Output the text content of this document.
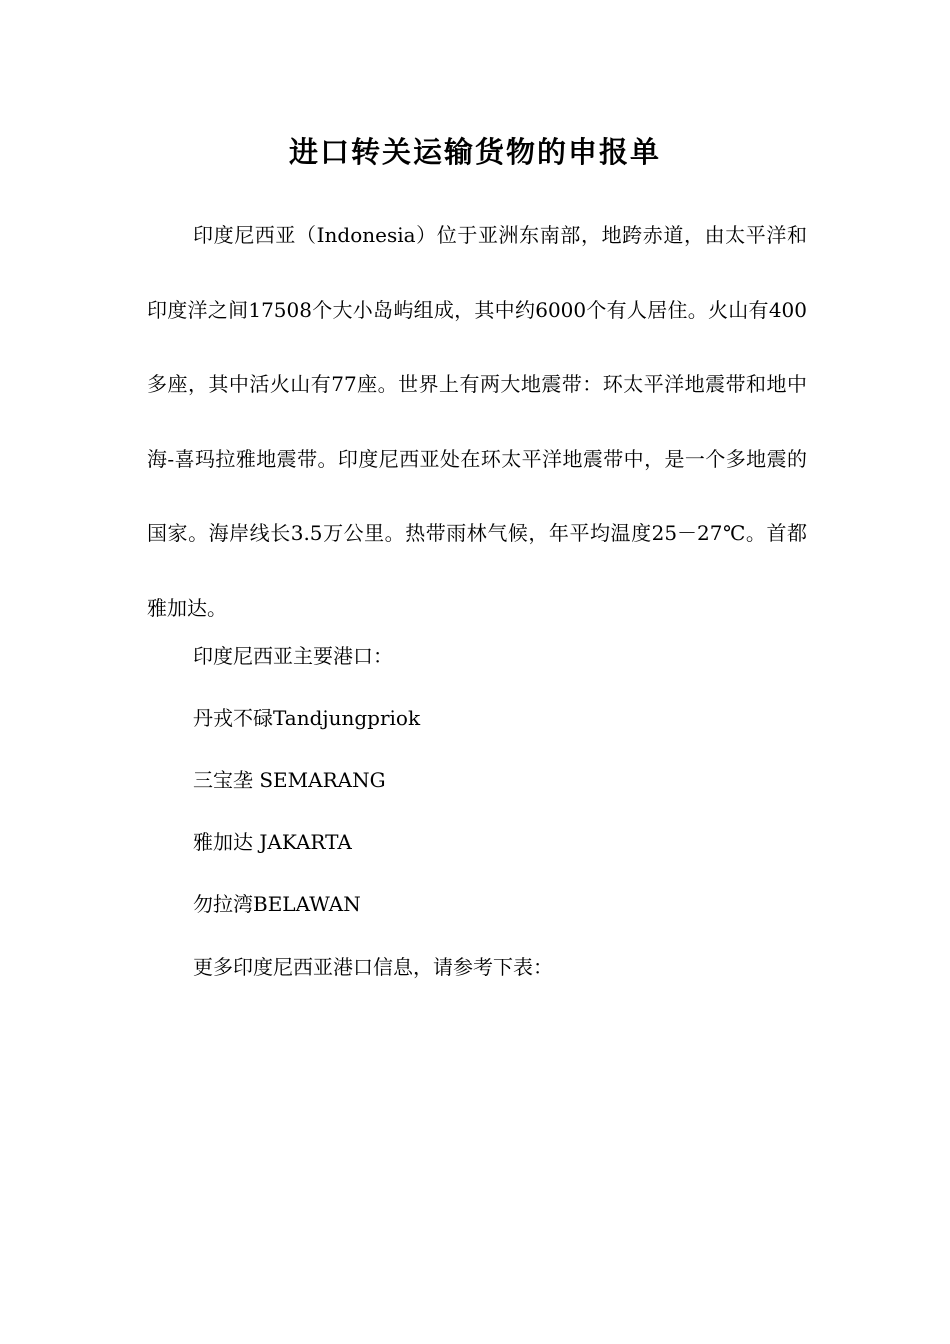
进口转关运输货物的申报单

印度尼西亚（Indonesia）位于亚洲东南部，地跨赤道，由太平洋和印度洋之间17508个大小岛屿组成，其中约6000个有人居住。火山有400多座，其中活火山有77座。世界上有两大地震带：环太平洋地震带和地中海-喜玛拉雅地震带。印度尼西亚处在环太平洋地震带中，是一个多地震的国家。海岸线长3.5万公里。热带雨林气候，年平均温度25－27℃。首都雅加达。

印度尼西亚主要港口：

丹戎不碌Tandjungpriok

三宝垄 SEMARANG

雅加达 JAKARTA

勿拉湾BELAWAN

更多印度尼西亚港口信息，请参考下表：
